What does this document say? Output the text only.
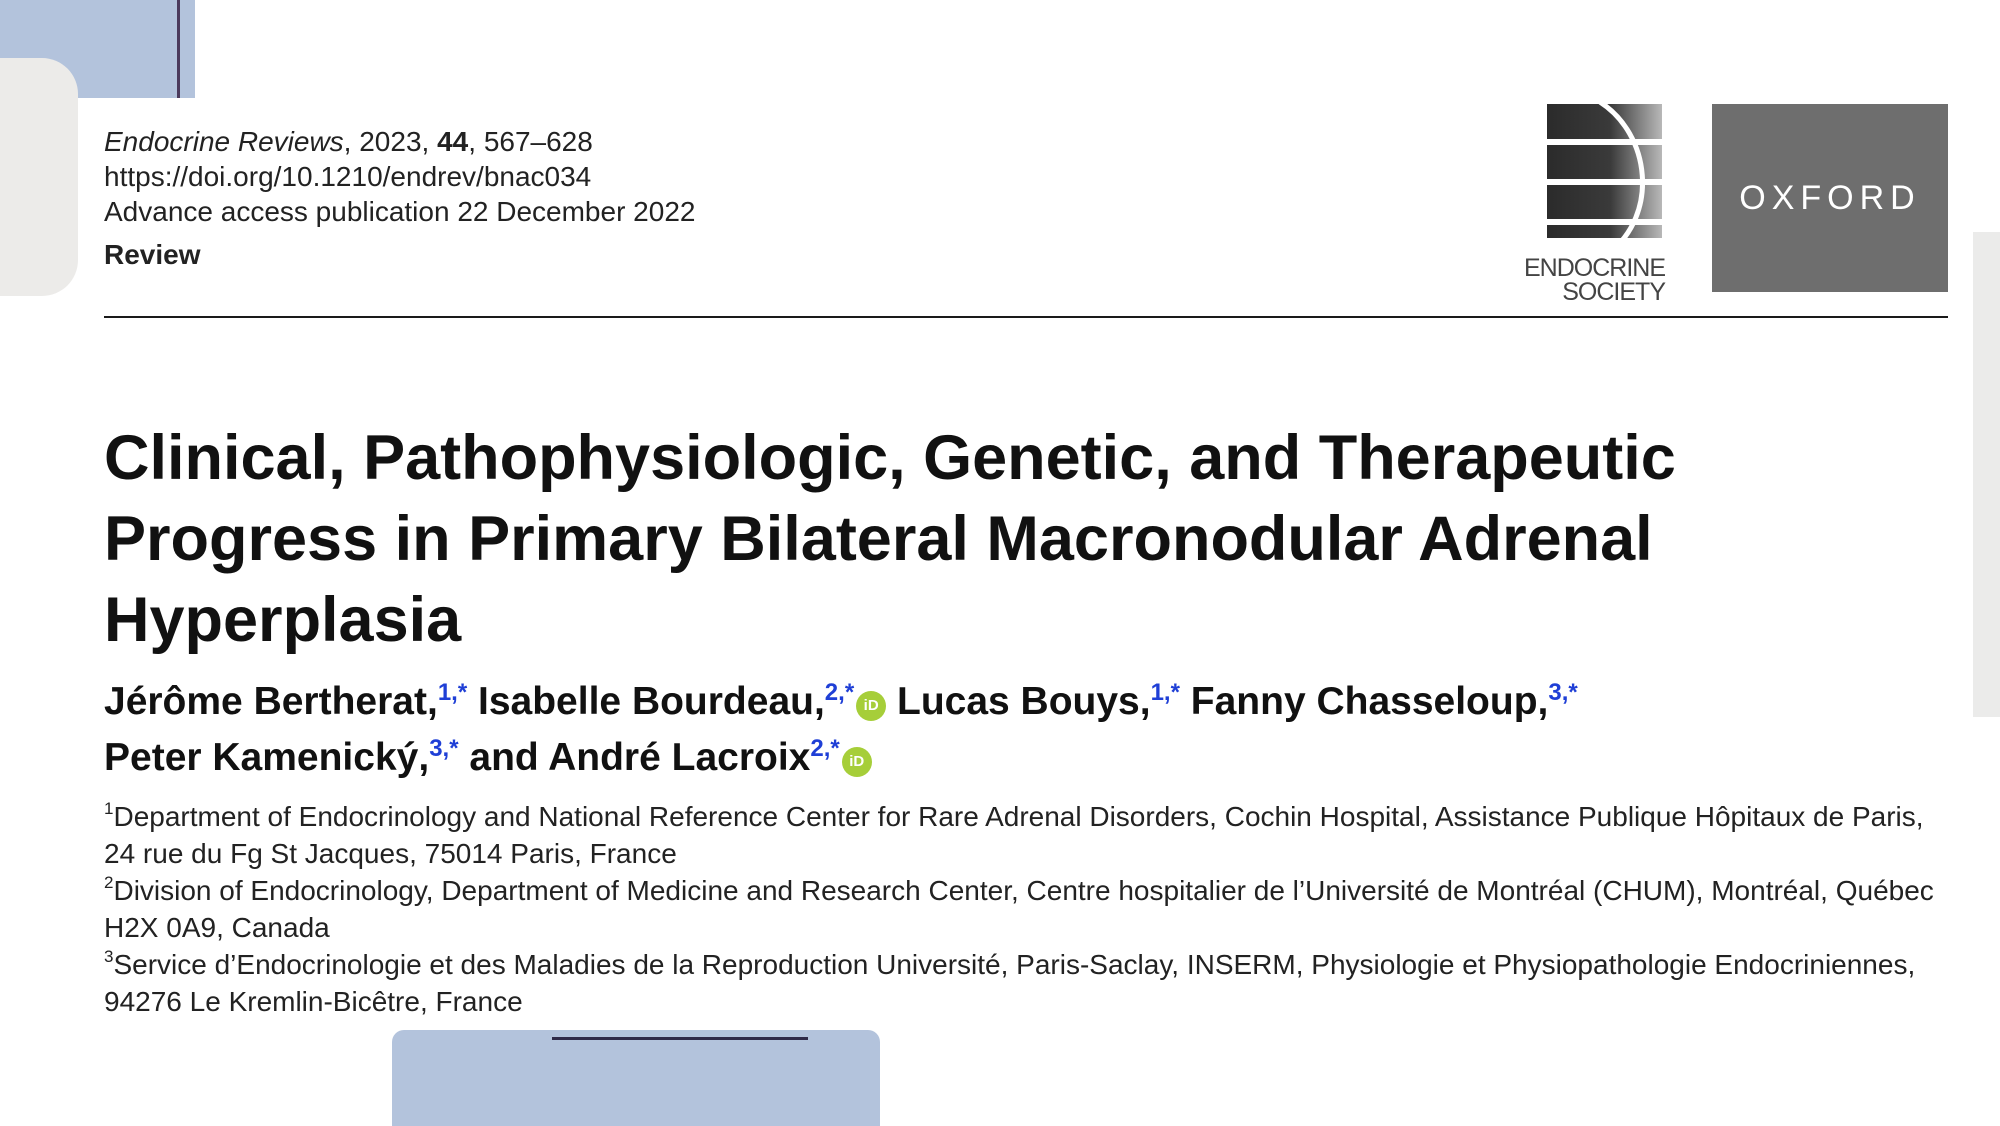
Endocrine Reviews, 2023, 44, 567–628
https://doi.org/10.1210/endrev/bnac034
Advance access publication 22 December 2022
Review	ENDOCRINE
SOCIETY
OXFORD
Clinical, Pathophysiologic, Genetic, and Therapeutic Progress in Primary Bilateral Macronodular Adrenal Hyperplasia
Jérôme Bertherat,$^{1,*}$ Isabelle Bourdeau,$^{2,*}$ iD Lucas Bouys,$^{1,*}$ Fanny Chasseloup,$^{3,*}$
Peter Kamenický,$^{3,*}$ and André Lacroix$^{2,*}$ iD
$^1$Department of Endocrinology and National Reference Center for Rare Adrenal Disorders, Cochin Hospital, Assistance Publique Hôpitaux de Paris, 24 rue du Fg St Jacques, 75014 Paris, France
$^2$Division of Endocrinology, Department of Medicine and Research Center, Centre hospitalier de l’Université de Montréal (CHUM), Montréal, Québec H2X 0A9, Canada
$^3$Service d’Endocrinologie et des Maladies de la Reproduction Université, Paris-Saclay, INSERM, Physiologie et Physiopathologie Endocriniennes, 94276 Le Kremlin-Bicêtre, France
